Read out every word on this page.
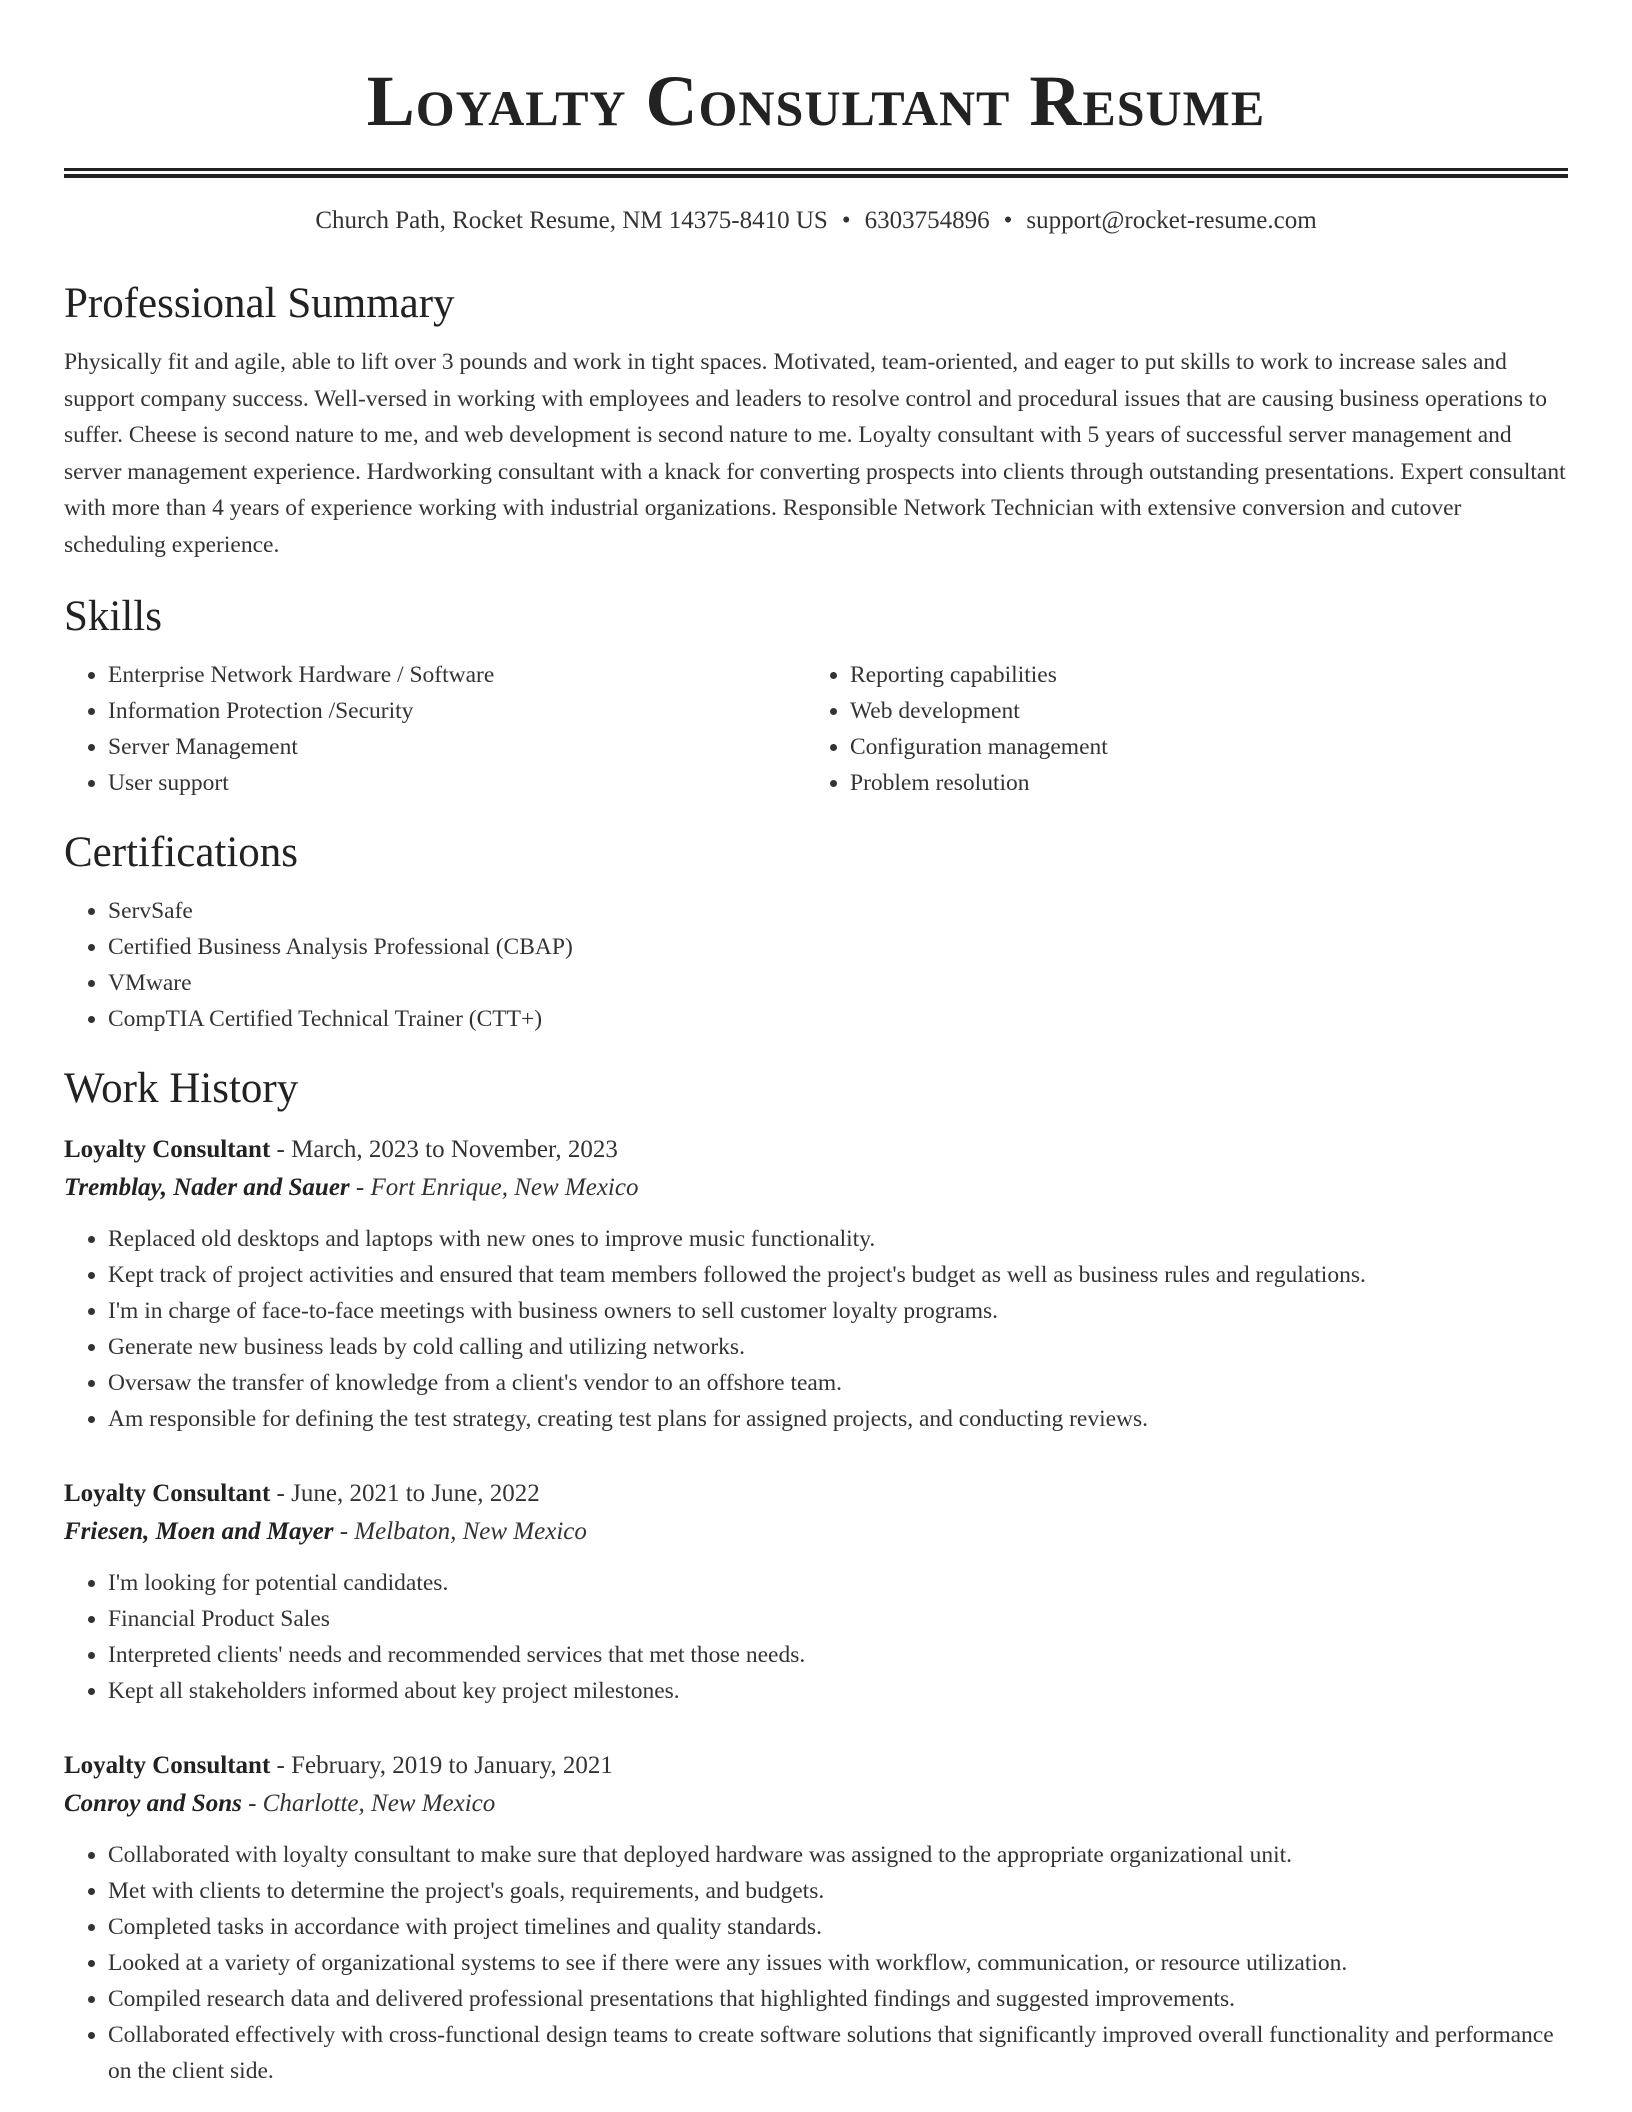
Loyalty Consultant Resume
Church Path, Rocket Resume, NM 14375-8410 US • 6303754896 • support@rocket-resume.com
Professional Summary

Physically fit and agile, able to lift over 3 pounds and work in tight spaces. Motivated, team-oriented, and eager to put skills to work to increase sales and support company success. Well-versed in working with employees and leaders to resolve control and procedural issues that are causing business operations to suffer. Cheese is second nature to me, and web development is second nature to me. Loyalty consultant with 5 years of successful server management and server management experience. Hardworking consultant with a knack for converting prospects into clients through outstanding presentations. Expert consultant with more than 4 years of experience working with industrial organizations. Responsible Network Technician with extensive conversion and cutover scheduling experience.

Skills
• Enterprise Network Hardware / Software
• Information Protection /Security
• Server Management
• User support
• Reporting capabilities
• Web development
• Configuration management
• Problem resolution
Certifications
• ServSafe
• Certified Business Analysis Professional (CBAP)
• VMware
• CompTIA Certified Technical Trainer (CTT+)
Work History
Loyalty Consultant - March, 2023 to November, 2023
Tremblay, Nader and Sauer - Fort Enrique, New Mexico
• Replaced old desktops and laptops with new ones to improve music functionality.
• Kept track of project activities and ensured that team members followed the project's budget as well as business rules and regulations.
• I'm in charge of face-to-face meetings with business owners to sell customer loyalty programs.
• Generate new business leads by cold calling and utilizing networks.
• Oversaw the transfer of knowledge from a client's vendor to an offshore team.
• Am responsible for defining the test strategy, creating test plans for assigned projects, and conducting reviews.
Loyalty Consultant - June, 2021 to June, 2022
Friesen, Moen and Mayer - Melbaton, New Mexico
• I'm looking for potential candidates.
• Financial Product Sales
• Interpreted clients' needs and recommended services that met those needs.
• Kept all stakeholders informed about key project milestones.
Loyalty Consultant - February, 2019 to January, 2021
Conroy and Sons - Charlotte, New Mexico
• Collaborated with loyalty consultant to make sure that deployed hardware was assigned to the appropriate organizational unit.
• Met with clients to determine the project's goals, requirements, and budgets.
• Completed tasks in accordance with project timelines and quality standards.
• Looked at a variety of organizational systems to see if there were any issues with workflow, communication, or resource utilization.
• Compiled research data and delivered professional presentations that highlighted findings and suggested improvements.
• Collaborated effectively with cross-functional design teams to create software solutions that significantly improved overall functionality and performance on the client side.
